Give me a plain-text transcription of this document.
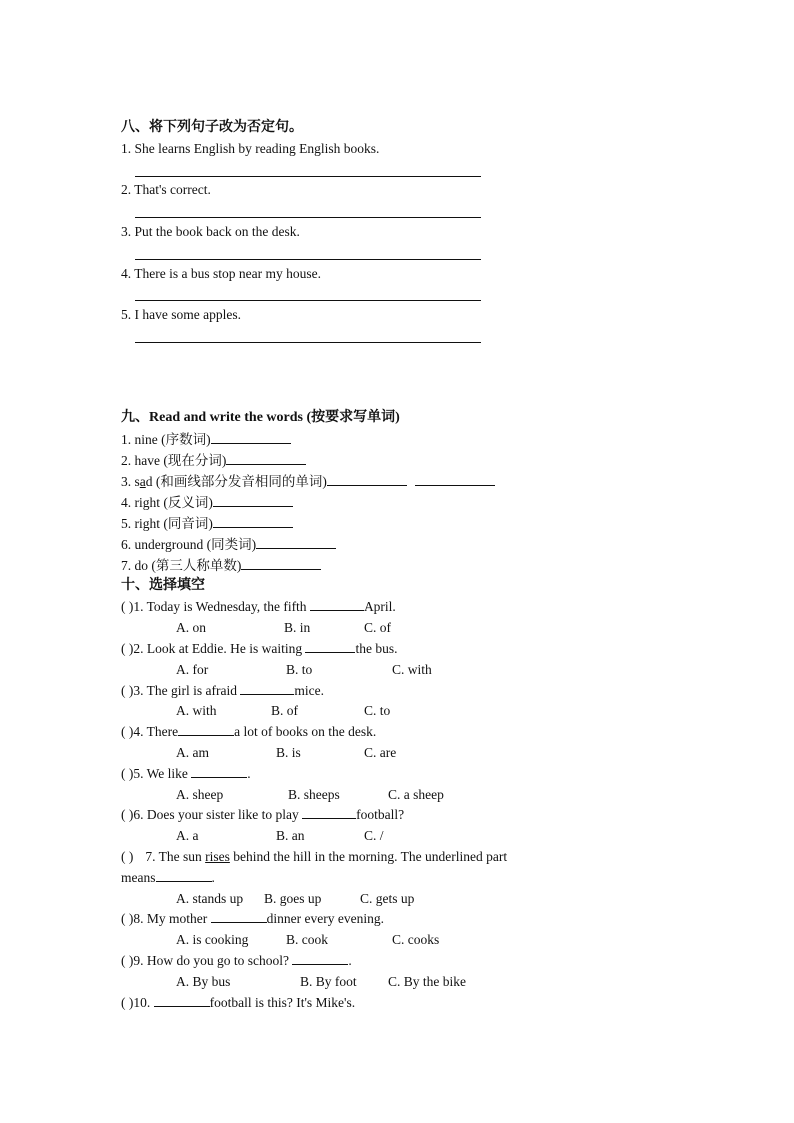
八、将下列句子改为否定句。
1. She learns English by reading English books.
2. That's correct.
3. Put the book back on the desk.
4. There is a bus stop near my house.
5. I have some apples.
九、Read and write the words (按要求写单词)
1. nine (序数词)
2. have (现在分词)
3. sad (和画线部分发音相同的单词)
4. right (反义词)
5. right (同音词)
6. underground (同类词)
7. do (第三人称单数)
十、选择填空
( )1. Today is Wednesday, the fifth	April.
A. on	B. in	C. of
( )2. Look at Eddie. He is waiting	the bus.
A. for	B. to	C. with
( )3. The girl is afraid	mice.
A. with	B. of	C. to
( )4. There	a lot of books on the desk.
A. am	B. is	C. are
( )5. We like	.
A. sheep	B. sheeps	C. a sheep
( )6. Does your sister like to play	football?
A. a	B. an	C. /
( ) 7. The sun rises behind the hill in the morning. The underlined part
means	.
A. stands up B. goes up	C. gets up
( )8. My mother	dinner every evening.
A. is cooking	B. cook	C. cooks
( )9. How do you go to school?	.
A. By bus	B. By foot C. By the bike
( )10.	football is this? It's Mike's.
